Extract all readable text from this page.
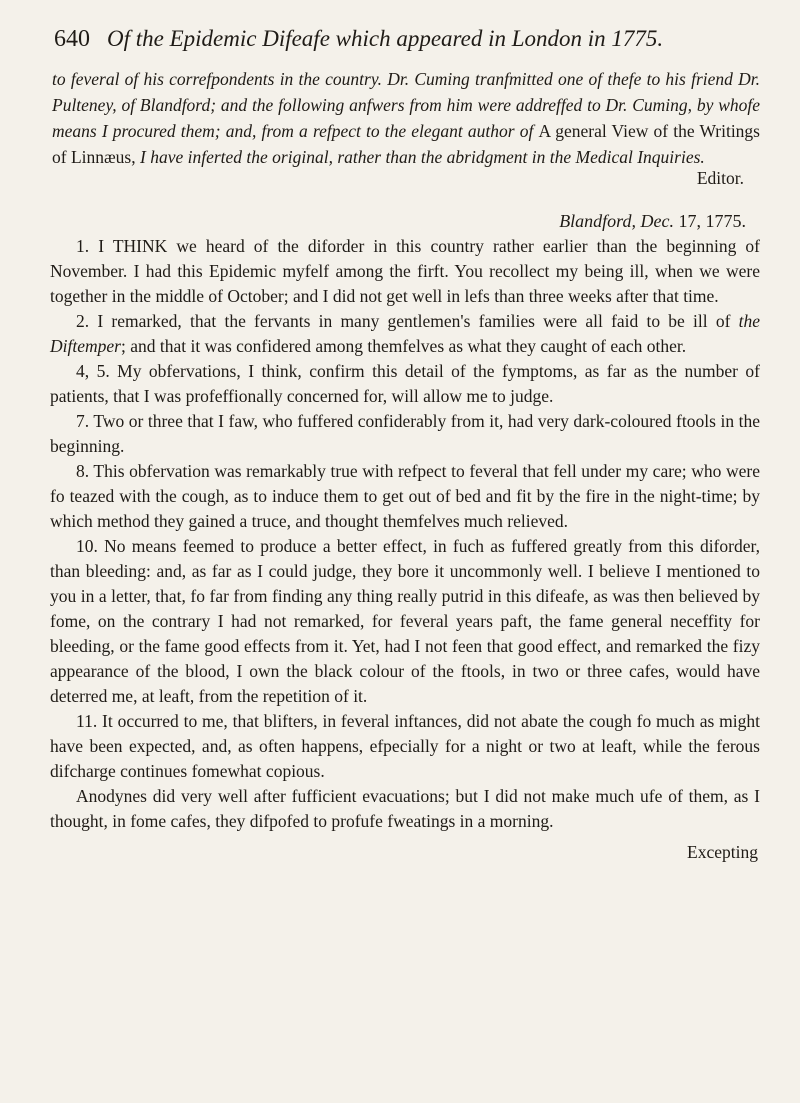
640 Of the Epidemic Difeafe which appeared in London in 1775.

to feveral of his correfpondents in the country. Dr. Cuming tranfmitted one of thefe to his friend Dr. Pulteney, of Blandford; and the following anfwers from him were addreffed to Dr. Cuming, by whofe means I procured them; and, from a refpect to the elegant author of A general View of the Writings of Linnæus, I have inferted the original, rather than the abridgment in the Medical Inquiries.

Editor.
Blandford, Dec. 17, 1775.

1. I THINK we heard of the diforder in this country rather earlier than the beginning of November. I had this Epidemic myfelf among the firft. You recollect my being ill, when we were together in the middle of October; and I did not get well in lefs than three weeks after that time.

2. I remarked, that the fervants in many gentlemen's families were all faid to be ill of the Diftemper; and that it was confidered among themfelves as what they caught of each other.

4, 5. My obfervations, I think, confirm this detail of the fymptoms, as far as the number of patients, that I was profeffionally concerned for, will allow me to judge.

7. Two or three that I faw, who fuffered confiderably from it, had very dark-coloured ftools in the beginning.

8. This obfervation was remarkably true with refpect to feveral that fell under my care; who were fo teazed with the cough, as to induce them to get out of bed and fit by the fire in the night-time; by which method they gained a truce, and thought themfelves much relieved.

10. No means feemed to produce a better effect, in fuch as fuffered greatly from this diforder, than bleeding: and, as far as I could judge, they bore it uncommonly well. I believe I mentioned to you in a letter, that, fo far from finding any thing really putrid in this difeafe, as was then believed by fome, on the contrary I had not remarked, for feveral years paft, the fame general neceffity for bleeding, or the fame good effects from it. Yet, had I not feen that good effect, and remarked the fizy appearance of the blood, I own the black colour of the ftools, in two or three cafes, would have deterred me, at leaft, from the repetition of it.

11. It occurred to me, that blifters, in feveral inftances, did not abate the cough fo much as might have been expected, and, as often happens, efpecially for a night or two at leaft, while the ferous difcharge continues fomewhat copious.

Anodynes did very well after fufficient evacuations; but I did not make much ufe of them, as I thought, in fome cafes, they difpofed to profufe fweatings in a morning.

Excepting
